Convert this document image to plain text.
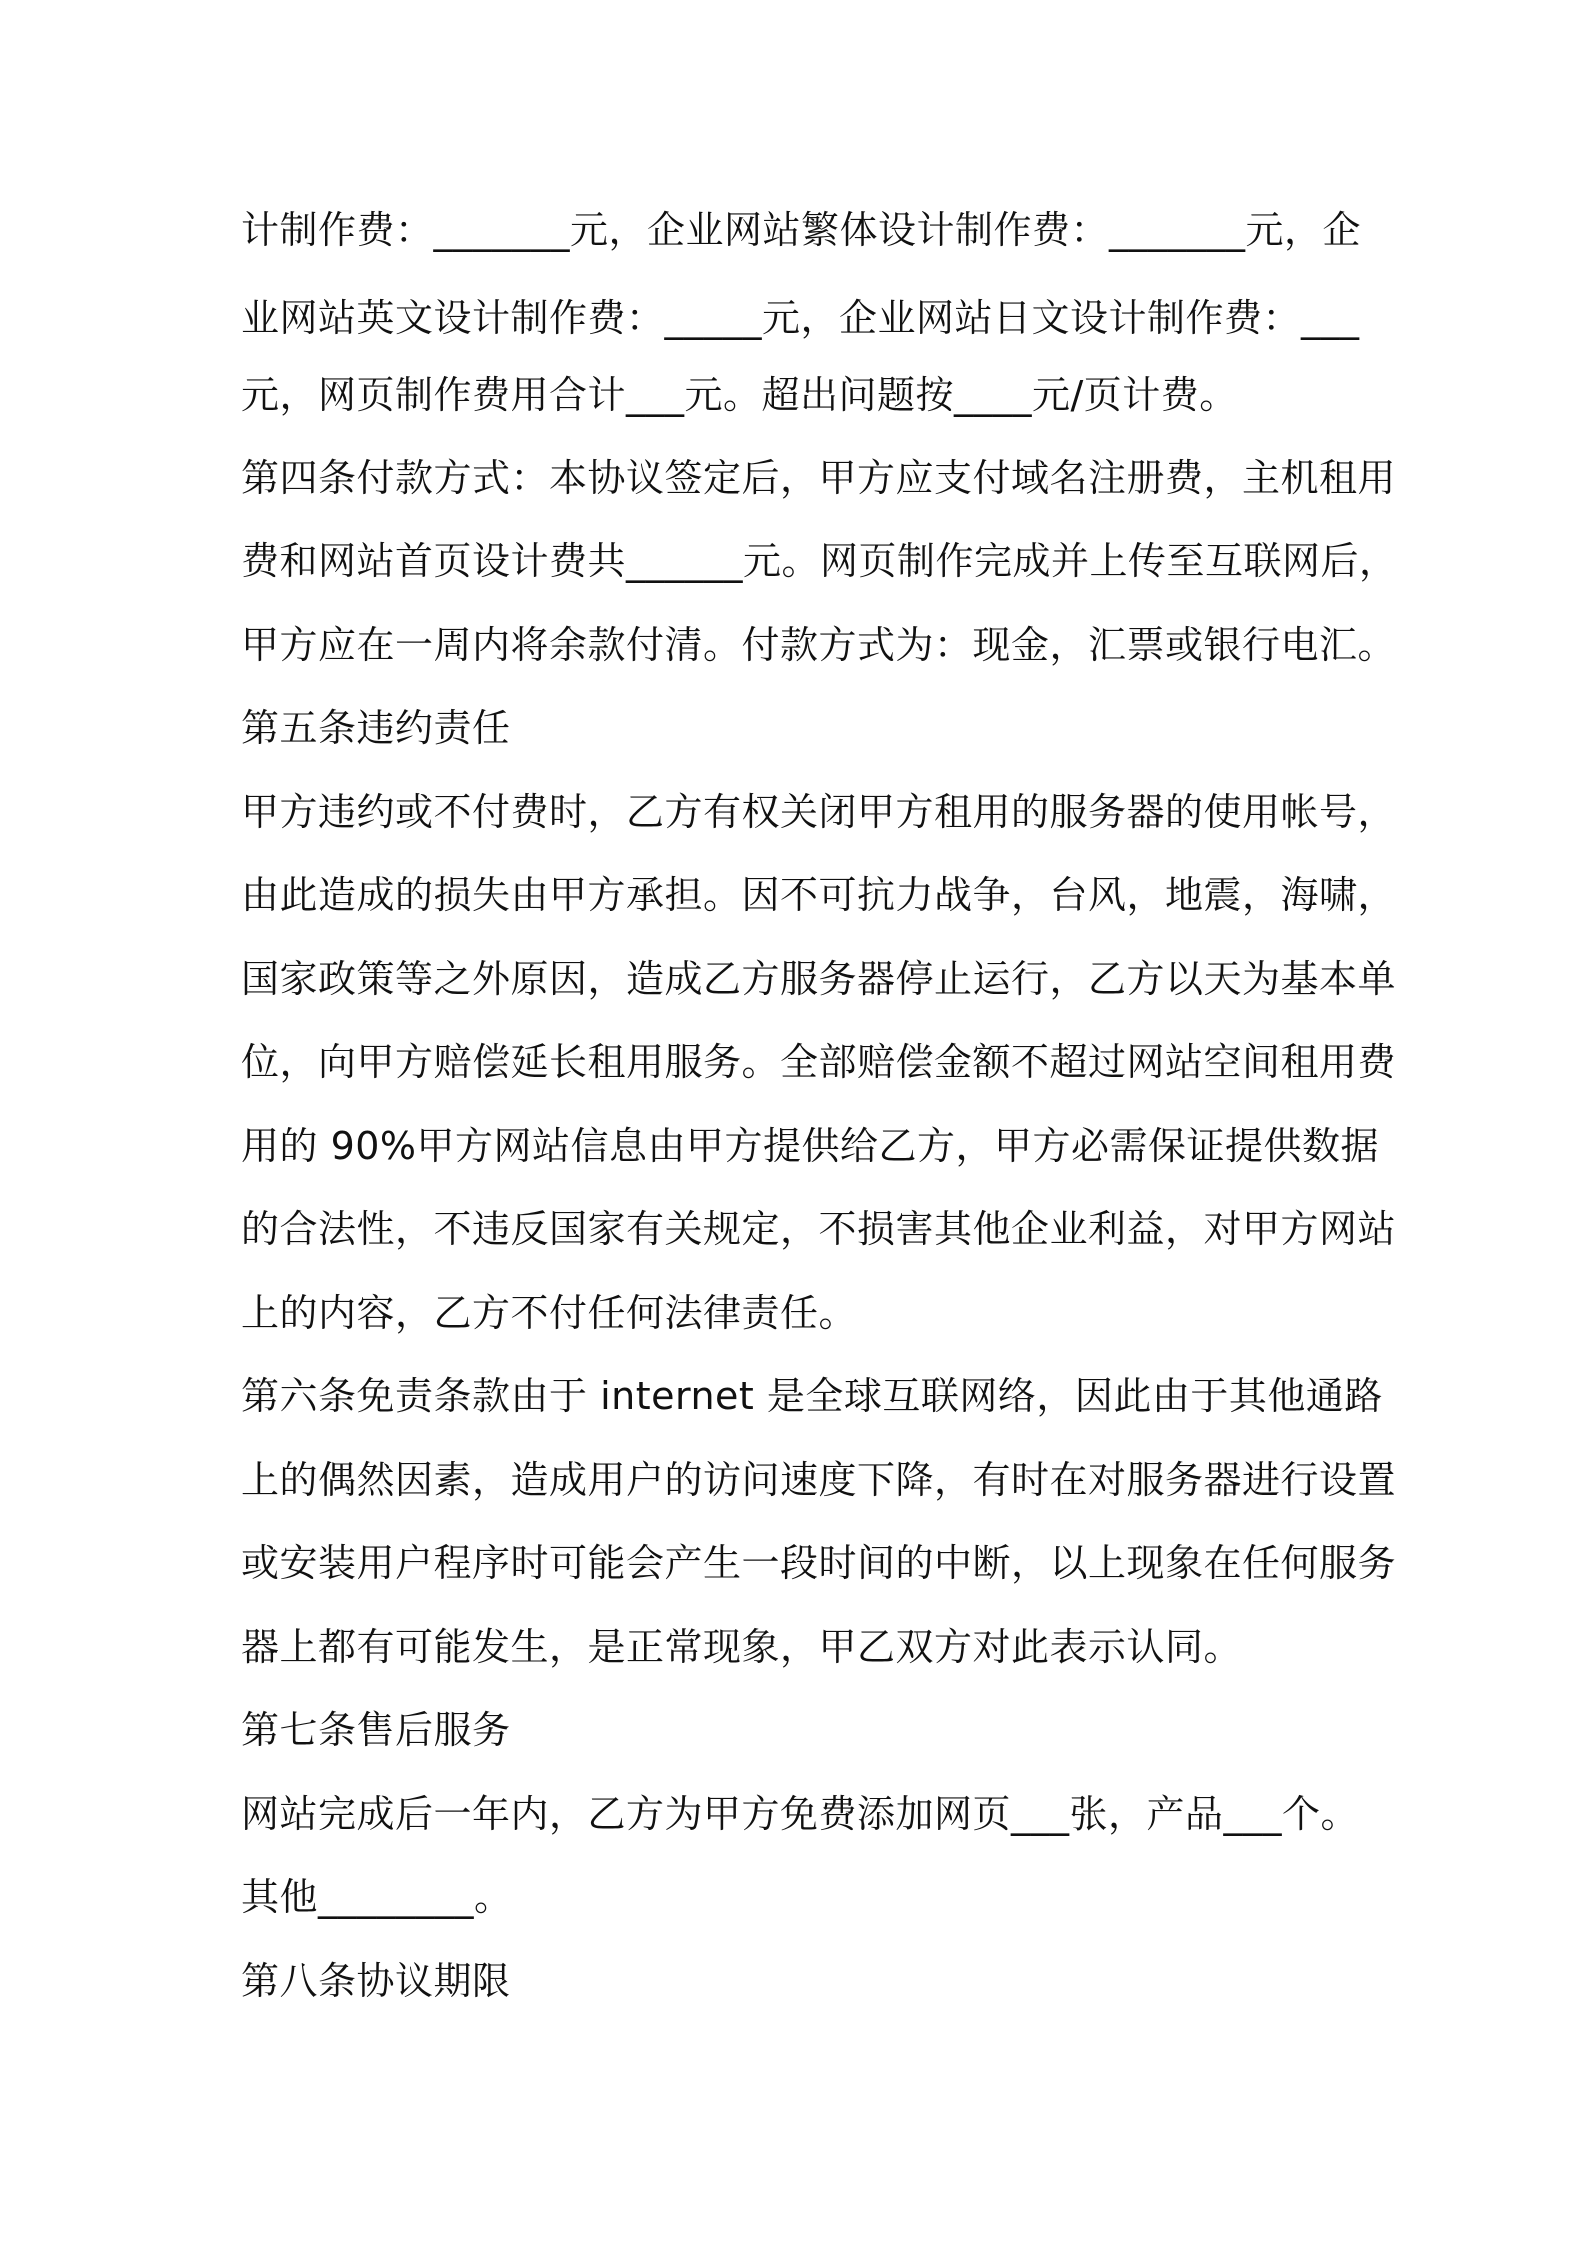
计制作费：_______元，企业网站繁体设计制作费：_______元，企
业网站英文设计制作费：_____元，企业网站日文设计制作费：___
元，网页制作费用合计___元。超出问题按____元/页计费。
第四条付款方式：本协议签定后，甲方应支付域名注册费，主机租用
费和网站首页设计费共______元。网页制作完成并上传至互联网后，
甲方应在一周内将余款付清。付款方式为：现金，汇票或银行电汇。
第五条违约责任
甲方违约或不付费时，乙方有权关闭甲方租用的服务器的使用帐号，
由此造成的损失由甲方承担。因不可抗力战争，台风，地震，海啸，
国家政策等之外原因，造成乙方服务器停止运行，乙方以天为基本单
位，向甲方赔偿延长租用服务。全部赔偿金额不超过网站空间租用费
用的 90%甲方网站信息由甲方提供给乙方，甲方必需保证提供数据
的合法性，不违反国家有关规定，不损害其他企业利益，对甲方网站
上的内容，乙方不付任何法律责任。
第六条免责条款由于 internet 是全球互联网络，因此由于其他通路
上的偶然因素，造成用户的访问速度下降，有时在对服务器进行设置
或安装用户程序时可能会产生一段时间的中断，以上现象在任何服务
器上都有可能发生，是正常现象，甲乙双方对此表示认同。
第七条售后服务
网站完成后一年内，乙方为甲方免费添加网页___张，产品___个。
其他________。
第八条协议期限
